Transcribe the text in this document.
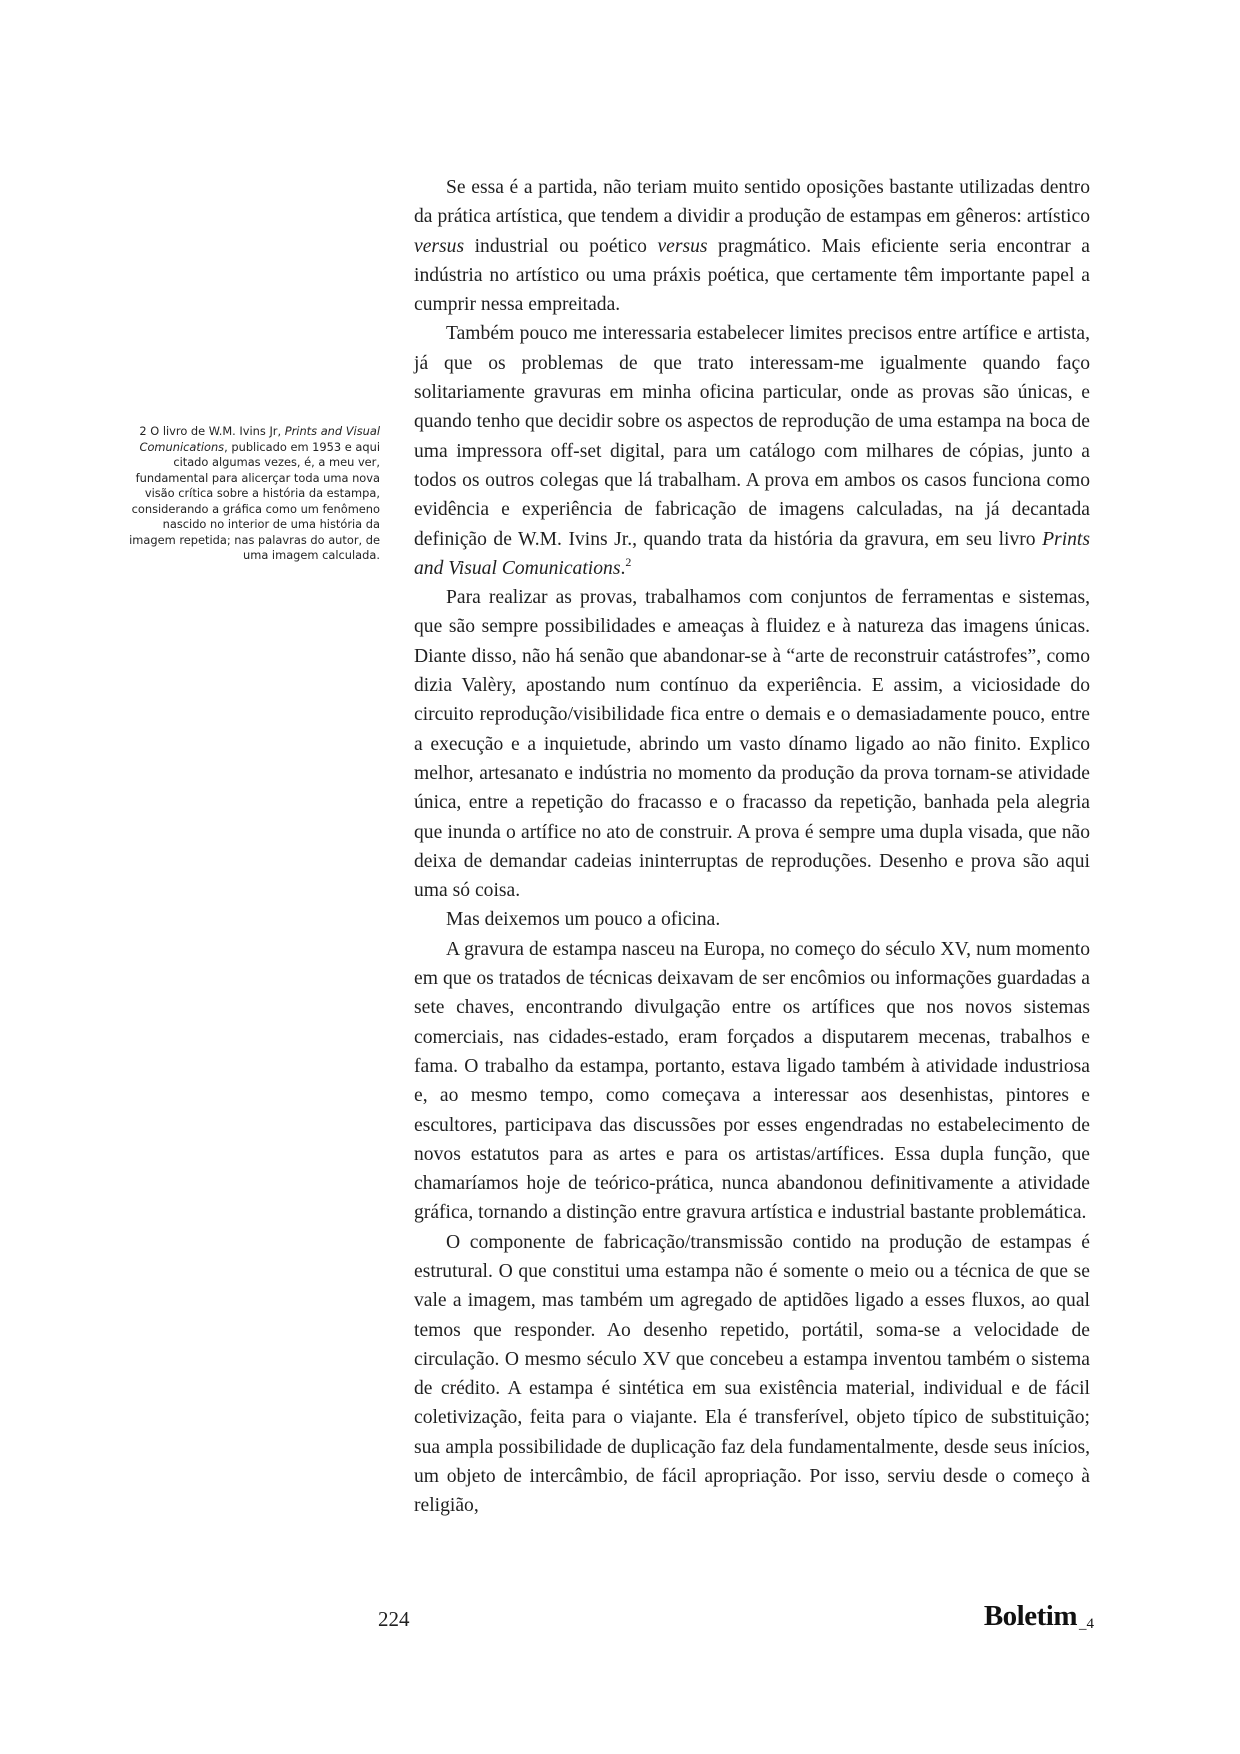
Se essa é a partida, não teriam muito sentido oposições bastante utilizadas dentro da prática artística, que tendem a dividir a produção de estampas em gêneros: artístico versus industrial ou poético versus pragmático. Mais eficiente seria encontrar a indústria no artístico ou uma práxis poética, que certamente têm importante papel a cumprir nessa empreitada.

Também pouco me interessaria estabelecer limites precisos entre artífice e artista, já que os problemas de que trato interessam-me igualmente quando faço solitariamente gravuras em minha oficina particular, onde as provas são únicas, e quando tenho que decidir sobre os aspectos de reprodução de uma estampa na boca de uma impressora off-set digital, para um catálogo com milhares de cópias, junto a todos os outros colegas que lá trabalham. A prova em ambos os casos funciona como evidência e experiência de fabricação de imagens calculadas, na já decantada definição de W.M. Ivins Jr., quando trata da história da gravura, em seu livro Prints and Visual Comunications.$^2$

Para realizar as provas, trabalhamos com conjuntos de ferramentas e sistemas, que são sempre possibilidades e ameaças à fluidez e à natureza das imagens únicas. Diante disso, não há senão que abandonar-se à “arte de reconstruir catástrofes”, como dizia Valèry, apostando num contínuo da experiência. E assim, a viciosidade do circuito reprodução/visibilidade fica entre o demais e o demasiadamente pouco, entre a execução e a inquietude, abrindo um vasto dínamo ligado ao não finito. Explico melhor, artesanato e indústria no momento da produção da prova tornam-se atividade única, entre a repetição do fracasso e o fracasso da repetição, banhada pela alegria que inunda o artífice no ato de construir. A prova é sempre uma dupla visada, que não deixa de demandar cadeias ininterruptas de reproduções. Desenho e prova são aqui uma só coisa.

Mas deixemos um pouco a oficina.

A gravura de estampa nasceu na Europa, no começo do século XV, num momento em que os tratados de técnicas deixavam de ser encômios ou informações guardadas a sete chaves, encontrando divulgação entre os artífices que nos novos sistemas comerciais, nas cidades-estado, eram forçados a disputarem mecenas, trabalhos e fama. O trabalho da estampa, portanto, estava ligado também à atividade industriosa e, ao mesmo tempo, como começava a interessar aos desenhistas, pintores e escultores, participava das discussões por esses engendradas no estabelecimento de novos estatutos para as artes e para os artistas/artífices. Essa dupla função, que chamaríamos hoje de teórico-prática, nunca abandonou definitivamente a atividade gráfica, tornando a distinção entre gravura artística e industrial bastante problemática.

O componente de fabricação/transmissão contido na produção de estampas é estrutural. O que constitui uma estampa não é somente o meio ou a técnica de que se vale a imagem, mas também um agregado de aptidões ligado a esses fluxos, ao qual temos que responder. Ao desenho repetido, portátil, soma-se a velocidade de circulação. O mesmo século XV que concebeu a estampa inventou também o sistema de crédito. A estampa é sintética em sua existência material, individual e de fácil coletivização, feita para o viajante. Ela é transferível, objeto típico de substituição; sua ampla possibilidade de duplicação faz dela fundamentalmente, desde seus inícios, um objeto de intercâmbio, de fácil apropriação. Por isso, serviu desde o começo à religião,

2 O livro de W.M. Ivins Jr, Prints and Visual Comunications, publicado em 1953 e aqui citado algumas vezes, é, a meu ver, fundamental para alicerçar toda uma nova visão crítica sobre a história da estampa, considerando a gráfica como um fenômeno nascido no interior de uma história da imagem repetida; nas palavras do autor, de uma imagem calculada.
224	Boletim _4
